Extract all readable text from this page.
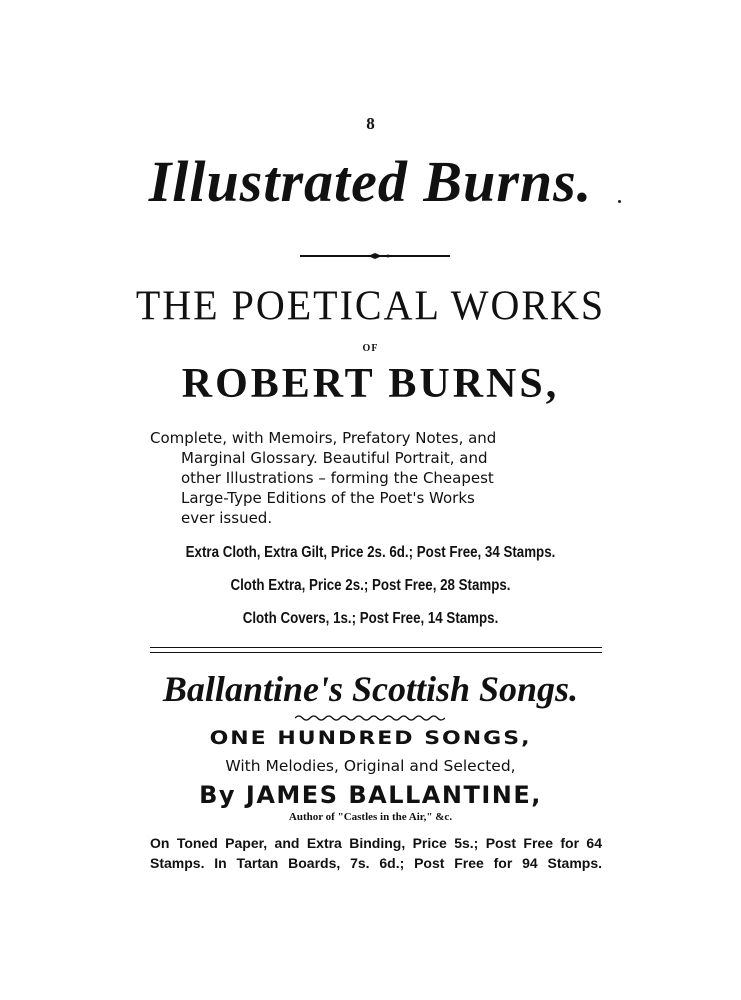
8
Illustrated Burns.
THE POETICAL WORKS
OF
ROBERT BURNS,
Complete, with Memoirs, Prefatory Notes, and
Marginal Glossary. Beautiful Portrait, and
other Illustrations – forming the Cheapest
Large-Type Editions of the Poet's Works
ever issued.
Extra Cloth, Extra Gilt, Price 2s. 6d.; Post Free, 34 Stamps.
Cloth Extra, Price 2s.; Post Free, 28 Stamps.
Cloth Covers, 1s.; Post Free, 14 Stamps.
Ballantine's Scottish Songs.
ONE HUNDRED SONGS,
With Melodies, Original and Selected,
By JAMES BALLANTINE,
Author of "Castles in the Air," &c.
On Toned Paper, and Extra Binding, Price 5s.; Post Free for 64
Stamps. In Tartan Boards, 7s. 6d.; Post Free for 94 Stamps.
